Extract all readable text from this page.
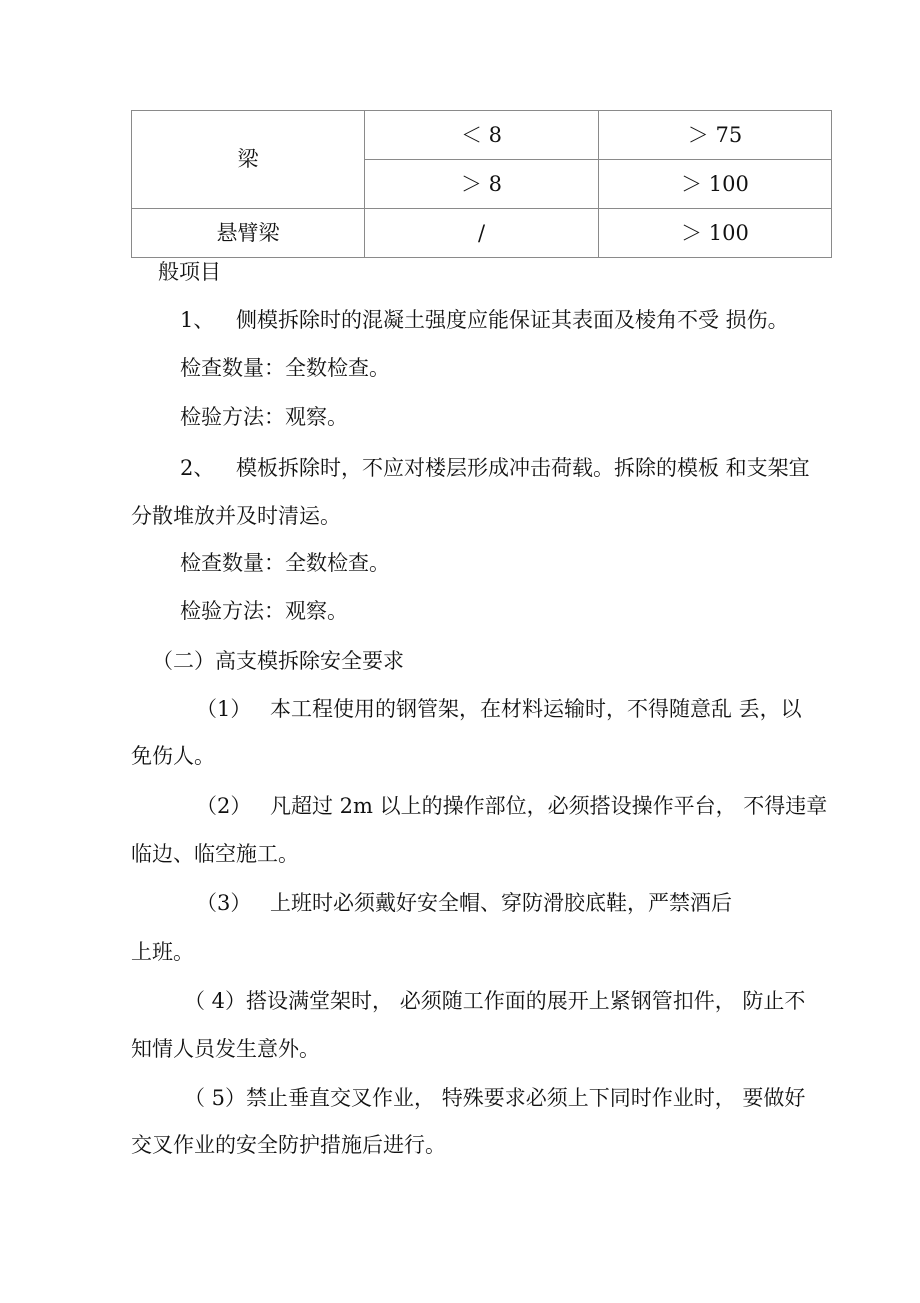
梁	＜ 8	＞ 75
	＞ 8	＞ 100
悬臂梁	/	＞ 100
般项目
1、 侧模拆除时的混凝土强度应能保证其表面及棱角不受 损伤。
检查数量：全数检查。
检验方法：观察。
2、 模板拆除时，不应对楼层形成冲击荷载。拆除的模板 和支架宜
分散堆放并及时清运。
检查数量：全数检查。
检验方法：观察。
（二）高支模拆除安全要求
（1） 本工程使用的钢管架，在材料运输时，不得随意乱 丢，以
免伤人。
（2） 凡超过 2m 以上的操作部位，必须搭设操作平台， 不得违章
临边、临空施工。
（3） 上班时必须戴好安全帽、穿防滑胶底鞋，严禁酒后
上班。
（ 4）搭设满堂架时， 必须随工作面的展开上紧钢管扣件， 防止不
知情人员发生意外。
（ 5）禁止垂直交叉作业， 特殊要求必须上下同时作业时， 要做好
交叉作业的安全防护措施后进行。
